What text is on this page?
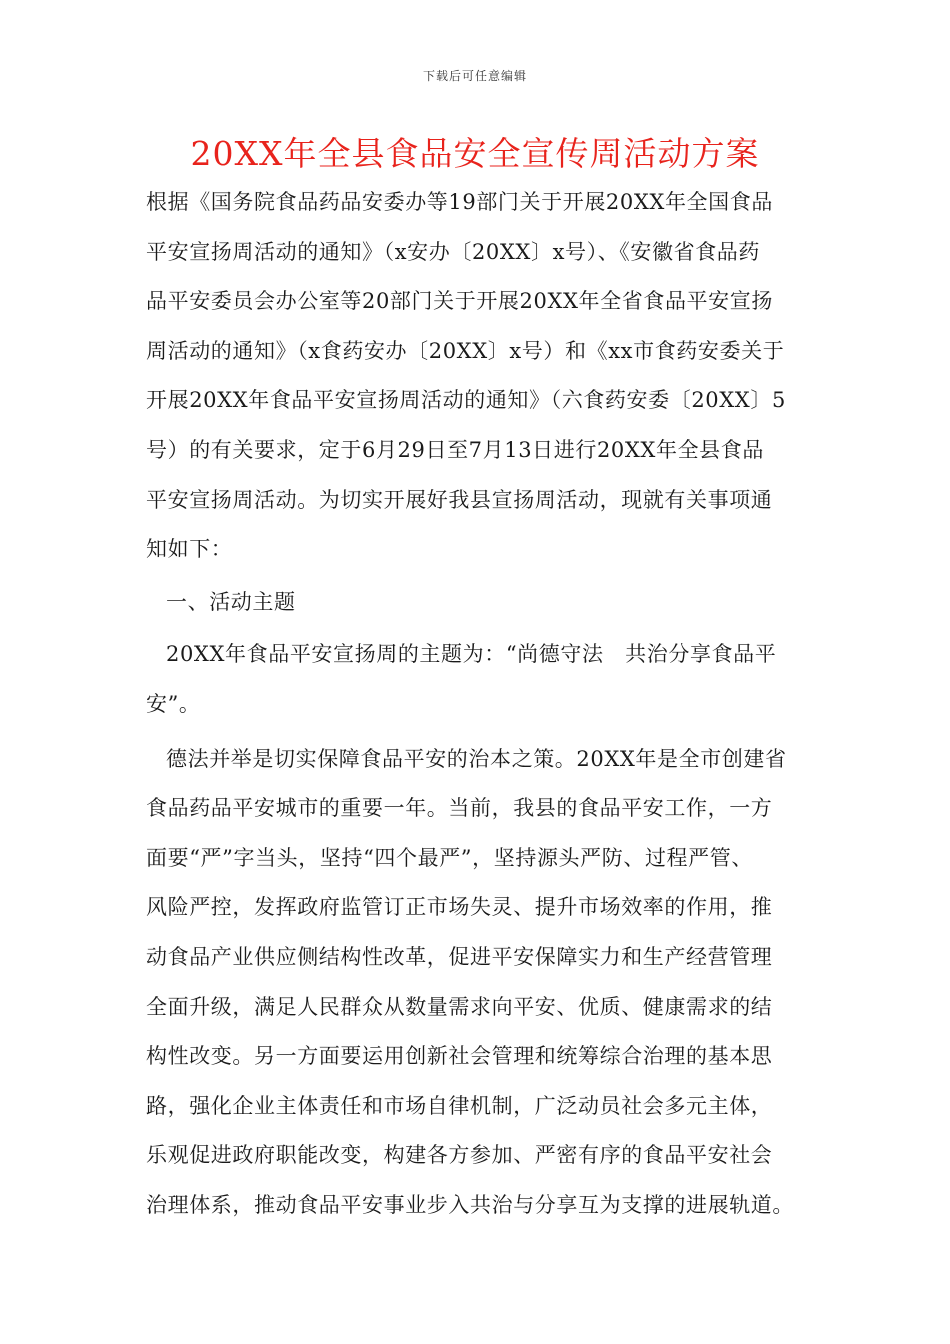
下载后可任意编辑
20XX年全县食品安全宣传周活动方案
根据《国务院食品药品安委办等19部门关于开展20XX年全国食品
平安宣扬周活动的通知》（x安办〔20XX〕x号）、《安徽省食品药
品平安委员会办公室等20部门关于开展20XX年全省食品平安宣扬
周活动的通知》（x食药安办〔20XX〕x号）和《xx市食药安委关于
开展20XX年食品平安宣扬周活动的通知》（六食药安委〔20XX〕5
号）的有关要求，定于6月29日至7月13日进行20XX年全县食品
平安宣扬周活动。为切实开展好我县宣扬周活动，现就有关事项通
知如下：
一、活动主题
20XX年食品平安宣扬周的主题为：“尚德守法　共治分享食品平
安”。
德法并举是切实保障食品平安的治本之策。20XX年是全市创建省
食品药品平安城市的重要一年。当前，我县的食品平安工作，一方
面要“严”字当头，坚持“四个最严”，坚持源头严防、过程严管、
风险严控，发挥政府监管订正市场失灵、提升市场效率的作用，推
动食品产业供应侧结构性改革，促进平安保障实力和生产经营管理
全面升级，满足人民群众从数量需求向平安、优质、健康需求的结
构性改变。另一方面要运用创新社会管理和统筹综合治理的基本思
路，强化企业主体责任和市场自律机制，广泛动员社会多元主体，
乐观促进政府职能改变，构建各方参加、严密有序的食品平安社会
治理体系，推动食品平安事业步入共治与分享互为支撑的进展轨道。
